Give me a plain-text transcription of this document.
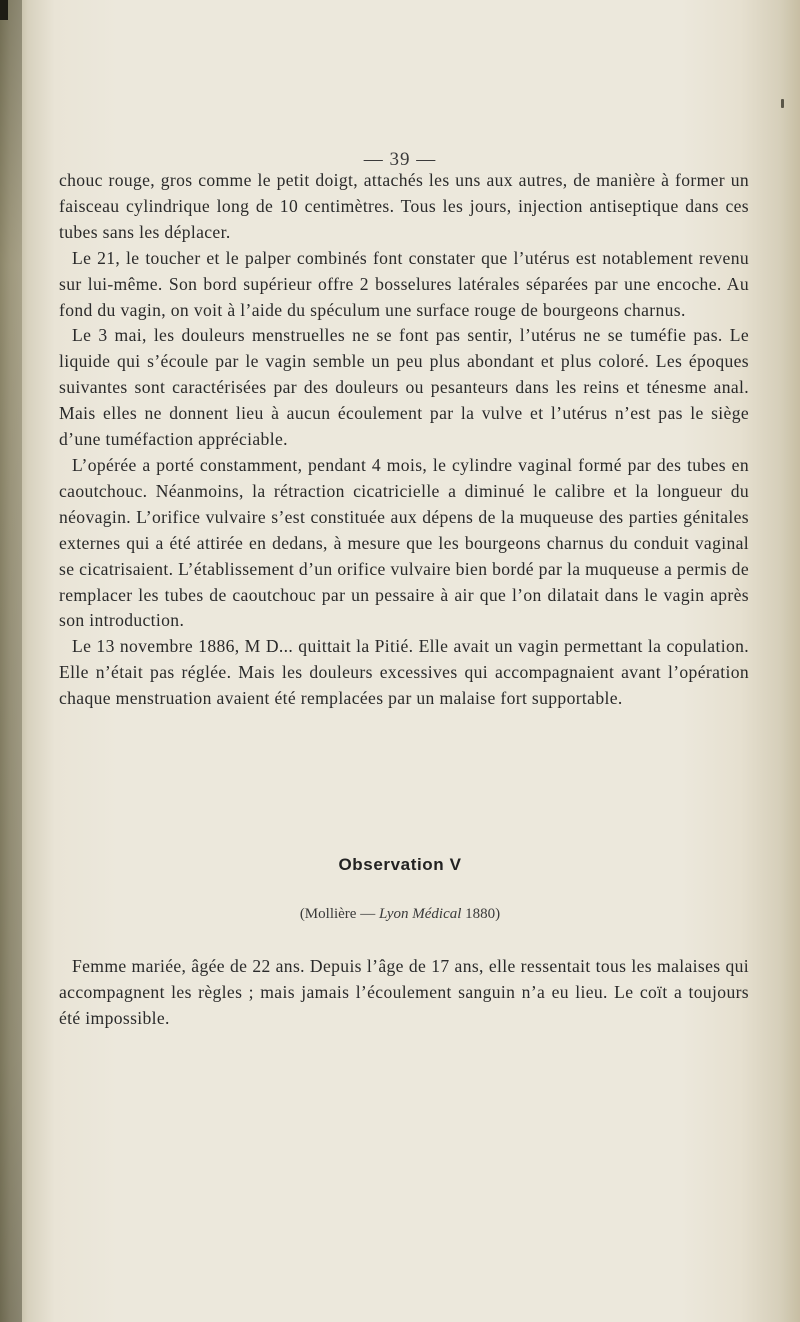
— 39 —

chouc rouge, gros comme le petit doigt, attachés les uns aux autres, de manière à former un faisceau cylindrique long de 10 centimètres. Tous les jours, injection antiseptique dans ces tubes sans les déplacer.

Le 21, le toucher et le palper combinés font constater que l’utérus est notablement revenu sur lui-même. Son bord supérieur offre 2 bosselures latérales séparées par une encoche. Au fond du vagin, on voit à l’aide du spéculum une surface rouge de bourgeons charnus.

Le 3 mai, les douleurs menstruelles ne se font pas sentir, l’utérus ne se tuméfie pas. Le liquide qui s’écoule par le vagin semble un peu plus abondant et plus coloré. Les époques suivantes sont caractérisées par des douleurs ou pesanteurs dans les reins et ténesme anal. Mais elles ne donnent lieu à aucun écoulement par la vulve et l’utérus n’est pas le siège d’une tuméfaction appréciable.

L’opérée a porté constamment, pendant 4 mois, le cylindre vaginal formé par des tubes en caoutchouc. Néanmoins, la rétraction cicatricielle a diminué le calibre et la longueur du néovagin. L’orifice vulvaire s’est constituée aux dépens de la muqueuse des parties génitales externes qui a été attirée en dedans, à mesure que les bourgeons charnus du conduit vaginal se cicatrisaient. L’établissement d’un orifice vulvaire bien bordé par la muqueuse a permis de remplacer les tubes de caoutchouc par un pessaire à air que l’on dilatait dans le vagin après son introduction.

Le 13 novembre 1886, M D... quittait la Pitié. Elle avait un vagin permettant la copulation. Elle n’était pas réglée. Mais les douleurs excessives qui accompagnaient avant l’opération chaque menstruation avaient été remplacées par un malaise fort supportable.

Observation V
(Mollière — Lyon Médical 1880)

Femme mariée, âgée de 22 ans. Depuis l’âge de 17 ans, elle ressentait tous les malaises qui accompagnent les règles ; mais jamais l’écoulement sanguin n’a eu lieu. Le coït a toujours été impossible.
